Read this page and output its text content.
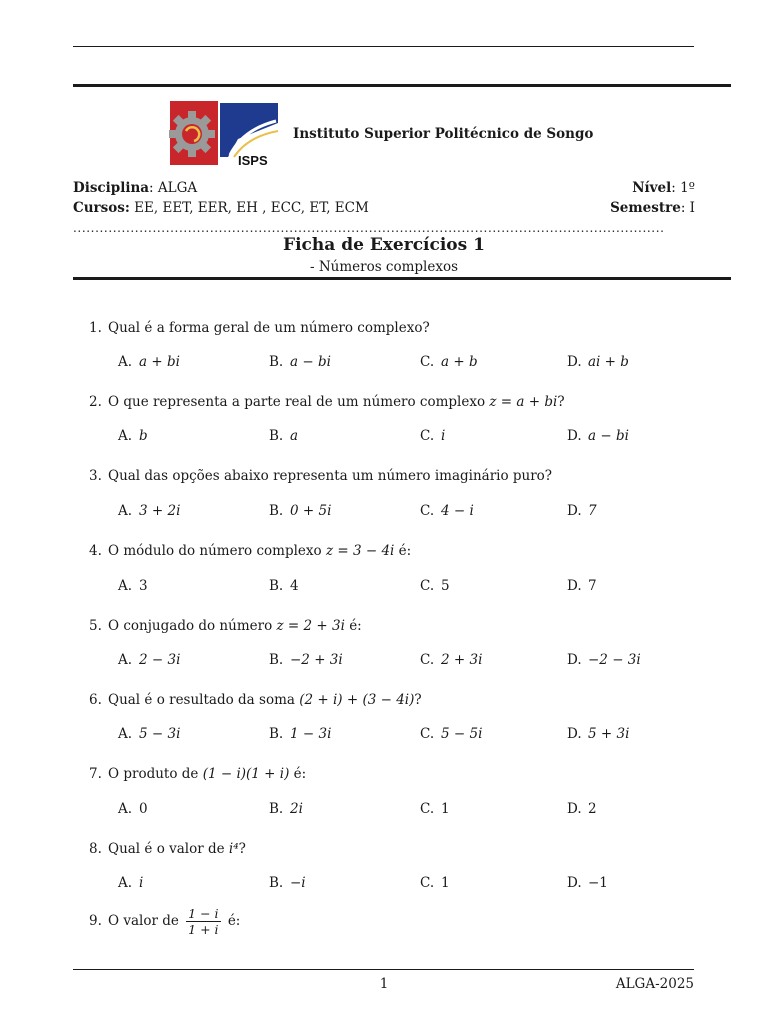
ISPS
Instituto Superior Politécnico de Songo
Disciplina: ALGA	Nível: 1º
Cursos: EE, EET, EER, EH , ECC, ET, ECM	Semestre: I
......................................................................................................................................
Ficha de Exercícios 1
- Números complexos
1. Qual é a forma geral de um número complexo?
A. a + bi	B. a − bi	C. a + b	D. ai + b
2. O que representa a parte real de um número complexo z = a + bi?
A. b	B. a	C. i	D. a − bi
3. Qual das opções abaixo representa um número imaginário puro?
A. 3 + 2i	B. 0 + 5i	C. 4 − i	D. 7
4. O módulo do número complexo z = 3 − 4i é:
A. 3	B. 4	C. 5	D. 7
5. O conjugado do número z = 2 + 3i é:
A. 2 − 3i	B. −2 + 3i	C. 2 + 3i	D. −2 − 3i
6. Qual é o resultado da soma (2 + i) + (3 − 4i)?
A. 5 − 3i	B. 1 − 3i	C. 5 − 5i	D. 5 + 3i
7. O produto de (1 − i)(1 + i) é:
A. 0	B. 2i	C. 1	D. 2
8. Qual é o valor de i⁴?
A. i	B. −i	C. 1	D. −1
9. O valor de $\frac{1 - i}{1 + i}$ é:
1	ALGA-2025
